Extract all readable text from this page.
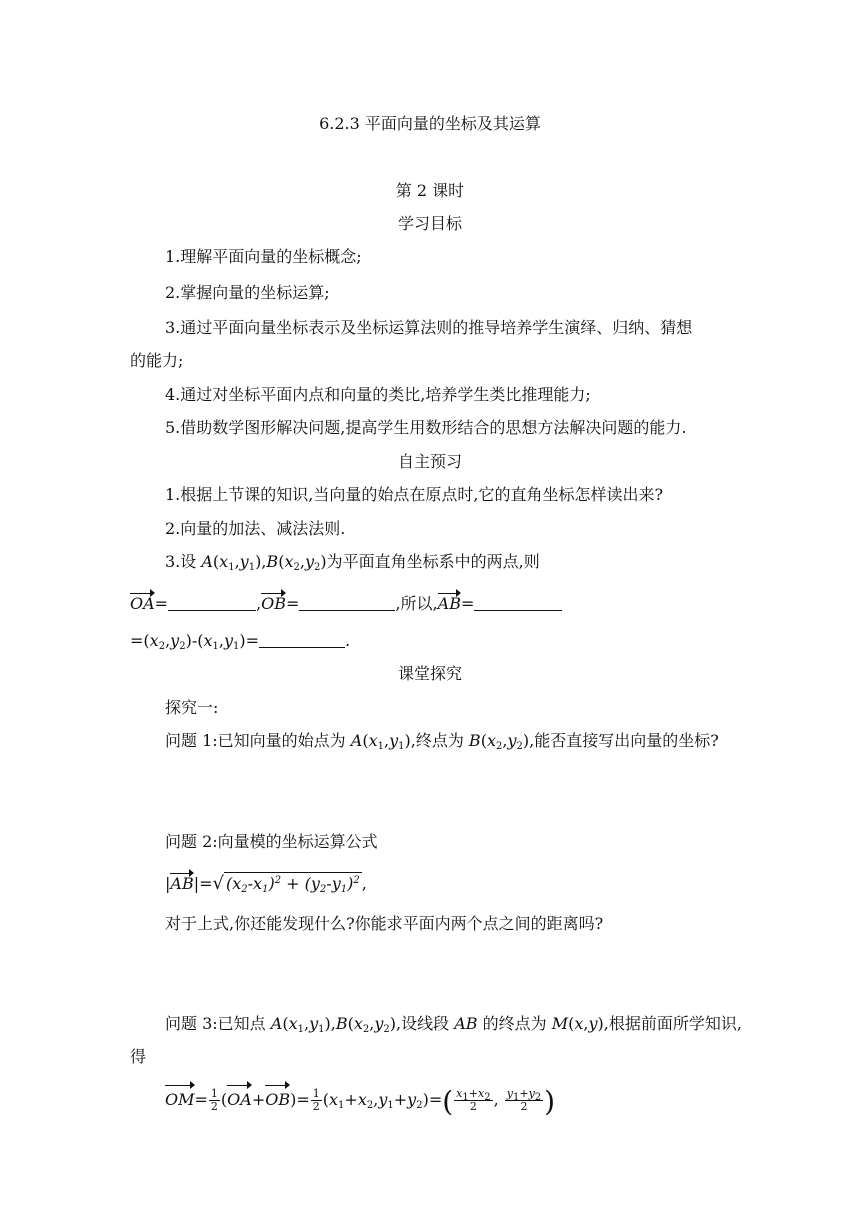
6.2.3 平面向量的坐标及其运算
第 2 课时
学习目标
1.理解平面向量的坐标概念;
2.掌握向量的坐标运算;
3.通过平面向量坐标表示及坐标运算法则的推导培养学生演绎、归纳、猜想
的能力;
4.通过对坐标平面内点和向量的类比,培养学生类比推理能力;
5.借助数学图形解决问题,提高学生用数形结合的思想方法解决问题的能力.
自主预习
1.根据上节课的知识,当向量的始点在原点时,它的直角坐标怎样读出来?
2.向量的加法、减法法则.
3.设 $A(x_1,y_1),B(x_2,y_2)$为平面直角坐标系中的两点,则
OA=	,OB=	,所以,AB=
$=(x_2,y_2)-(x_1,y_1)=$	.
课堂探究
探究一:
问题 1:已知向量的始点为 $A(x_1,y_1)$,终点为 $B(x_2,y_2)$,能否直接写出向量的坐标?
问题 2:向量模的坐标运算公式
|AB|=√ $(x_2-x_1)^2 + (y_2-y_1)^2$ ,
对于上式,你还能发现什么?你能求平面内两个点之间的距离吗?
问题 3:已知点 $A(x_1,y_1),B(x_2,y_2)$,设线段 AB 的终点为 M(x,y),根据前面所学知识,
得
$OM= \frac{1}{2} (OA+OB)= \frac{1}{2} (x_1+x_2,y_1+y_2)=( \frac{x_1+x_2}{2}$ , $\frac{y_1+y_2}{2}$ )
